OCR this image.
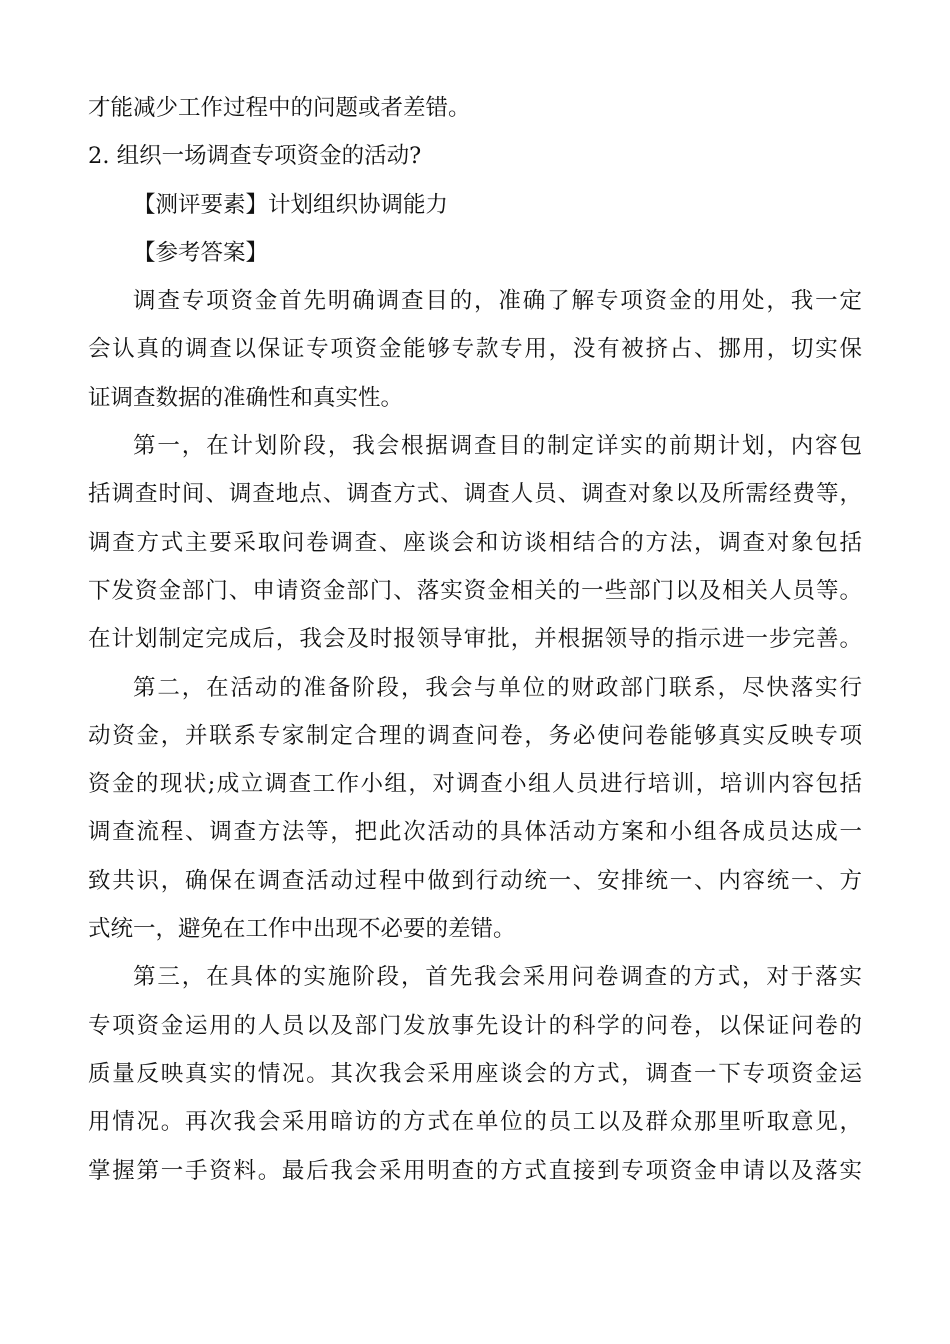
才能减少工作过程中的问题或者差错。
2. 组织一场调查专项资金的活动?
【测评要素】计划组织协调能力
【参考答案】
调查专项资金首先明确调查目的，准确了解专项资金的用处，我一定
会认真的调查以保证专项资金能够专款专用，没有被挤占、挪用，切实保
证调查数据的准确性和真实性。
第一，在计划阶段，我会根据调查目的制定详实的前期计划，内容包
括调查时间、调查地点、调查方式、调查人员、调查对象以及所需经费等，
调查方式主要采取问卷调查、座谈会和访谈相结合的方法，调查对象包括
下发资金部门、申请资金部门、落实资金相关的一些部门以及相关人员等。
在计划制定完成后，我会及时报领导审批，并根据领导的指示进一步完善。
第二，在活动的准备阶段，我会与单位的财政部门联系，尽快落实行
动资金，并联系专家制定合理的调查问卷，务必使问卷能够真实反映专项
资金的现状;成立调查工作小组，对调查小组人员进行培训，培训内容包括
调查流程、调查方法等，把此次活动的具体活动方案和小组各成员达成一
致共识，确保在调查活动过程中做到行动统一、安排统一、内容统一、方
式统一，避免在工作中出现不必要的差错。
第三，在具体的实施阶段，首先我会采用问卷调查的方式，对于落实
专项资金运用的人员以及部门发放事先设计的科学的问卷，以保证问卷的
质量反映真实的情况。其次我会采用座谈会的方式，调查一下专项资金运
用情况。再次我会采用暗访的方式在单位的员工以及群众那里听取意见，
掌握第一手资料。最后我会采用明查的方式直接到专项资金申请以及落实
